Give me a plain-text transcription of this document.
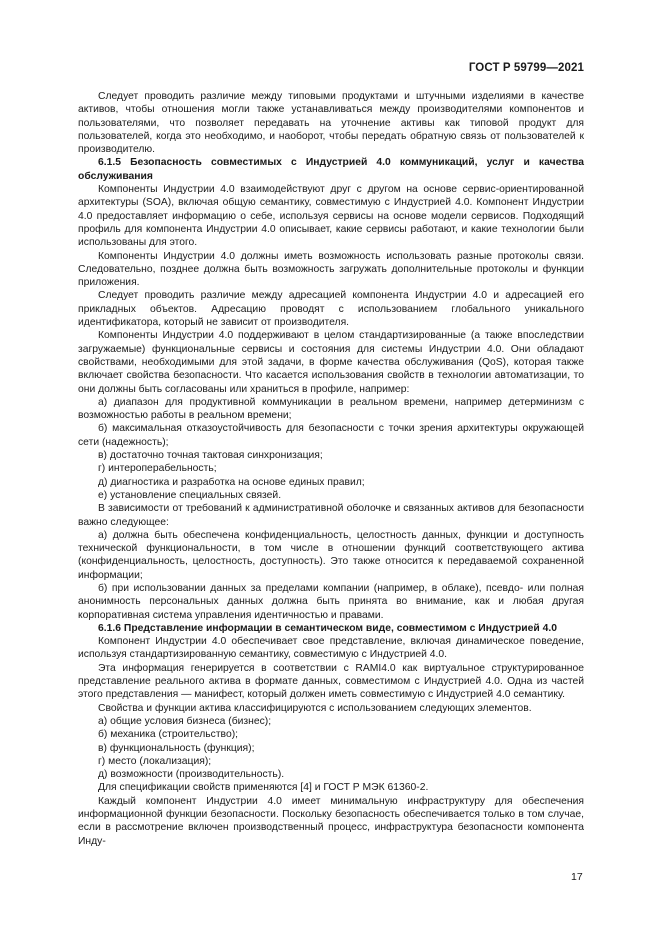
ГОСТ Р 59799—2021

Следует проводить различие между типовыми продуктами и штучными изделиями в качестве активов, чтобы отношения могли также устанавливаться между производителями компонентов и пользователями, что позволяет передавать на уточнение активы как типовой продукт для пользователей, когда это необходимо, и наоборот, чтобы передать обратную связь от пользователей к производителю.

6.1.5 Безопасность совместимых с Индустрией 4.0 коммуникаций, услуг и качества обслуживания

Компоненты Индустрии 4.0 взаимодействуют друг с другом на основе сервис-ориентированной архитектуры (SOA), включая общую семантику, совместимую с Индустрией 4.0. Компонент Индустрии 4.0 предоставляет информацию о себе, используя сервисы на основе модели сервисов. Подходящий профиль для компонента Индустрии 4.0 описывает, какие сервисы работают, и какие технологии были использованы для этого.

Компоненты Индустрии 4.0 должны иметь возможность использовать разные протоколы связи. Следовательно, позднее должна быть возможность загружать дополнительные протоколы и функции приложения.

Следует проводить различие между адресацией компонента Индустрии 4.0 и адресацией его прикладных объектов. Адресацию проводят с использованием глобального уникального идентификатора, который не зависит от производителя.

Компоненты Индустрии 4.0 поддерживают в целом стандартизированные (а также впоследствии загружаемые) функциональные сервисы и состояния для системы Индустрии 4.0. Они обладают свойствами, необходимыми для этой задачи, в форме качества обслуживания (QoS), которая также включает свойства безопасности. Что касается использования свойств в технологии автоматизации, то они должны быть согласованы или храниться в профиле, например:

а) диапазон для продуктивной коммуникации в реальном времени, например детерминизм с возможностью работы в реальном времени;

б) максимальная отказоустойчивость для безопасности с точки зрения архитектуры окружающей сети (надежность);

в) достаточно точная тактовая синхронизация;

г) интероперабельность;

д) диагностика и разработка на основе единых правил;

е) установление специальных связей.

В зависимости от требований к административной оболочке и связанных активов для безопасности важно следующее:

а) должна быть обеспечена конфиденциальность, целостность данных, функции и доступность технической функциональности, в том числе в отношении функций соответствующего актива (конфиденциальность, целостность, доступность). Это также относится к передаваемой сохраненной информации;

б) при использовании данных за пределами компании (например, в облаке), псевдо- или полная анонимность персональных данных должна быть принята во внимание, как и любая другая корпоративная система управления идентичностью и правами.

6.1.6 Представление информации в семантическом виде, совместимом с Индустрией 4.0

Компонент Индустрии 4.0 обеспечивает свое представление, включая динамическое поведение, используя стандартизированную семантику, совместимую с Индустрией 4.0.

Эта информация генерируется в соответствии с RAMI4.0 как виртуальное структурированное представление реального актива в формате данных, совместимом с Индустрией 4.0. Одна из частей этого представления — манифест, который должен иметь совместимую с Индустрией 4.0 семантику.

Свойства и функции актива классифицируются с использованием следующих элементов.

а) общие условия бизнеса (бизнес);

б) механика (строительство);

в) функциональность (функция);

г) место (локализация);

д) возможности (производительность).

Для спецификации свойств применяются [4] и ГОСТ Р МЭК 61360-2.

Каждый компонент Индустрии 4.0 имеет минимальную инфраструктуру для обеспечения информационной функции безопасности. Поскольку безопасность обеспечивается только в том случае, если в рассмотрение включен производственный процесс, инфраструктура безопасности компонента Инду-

17
